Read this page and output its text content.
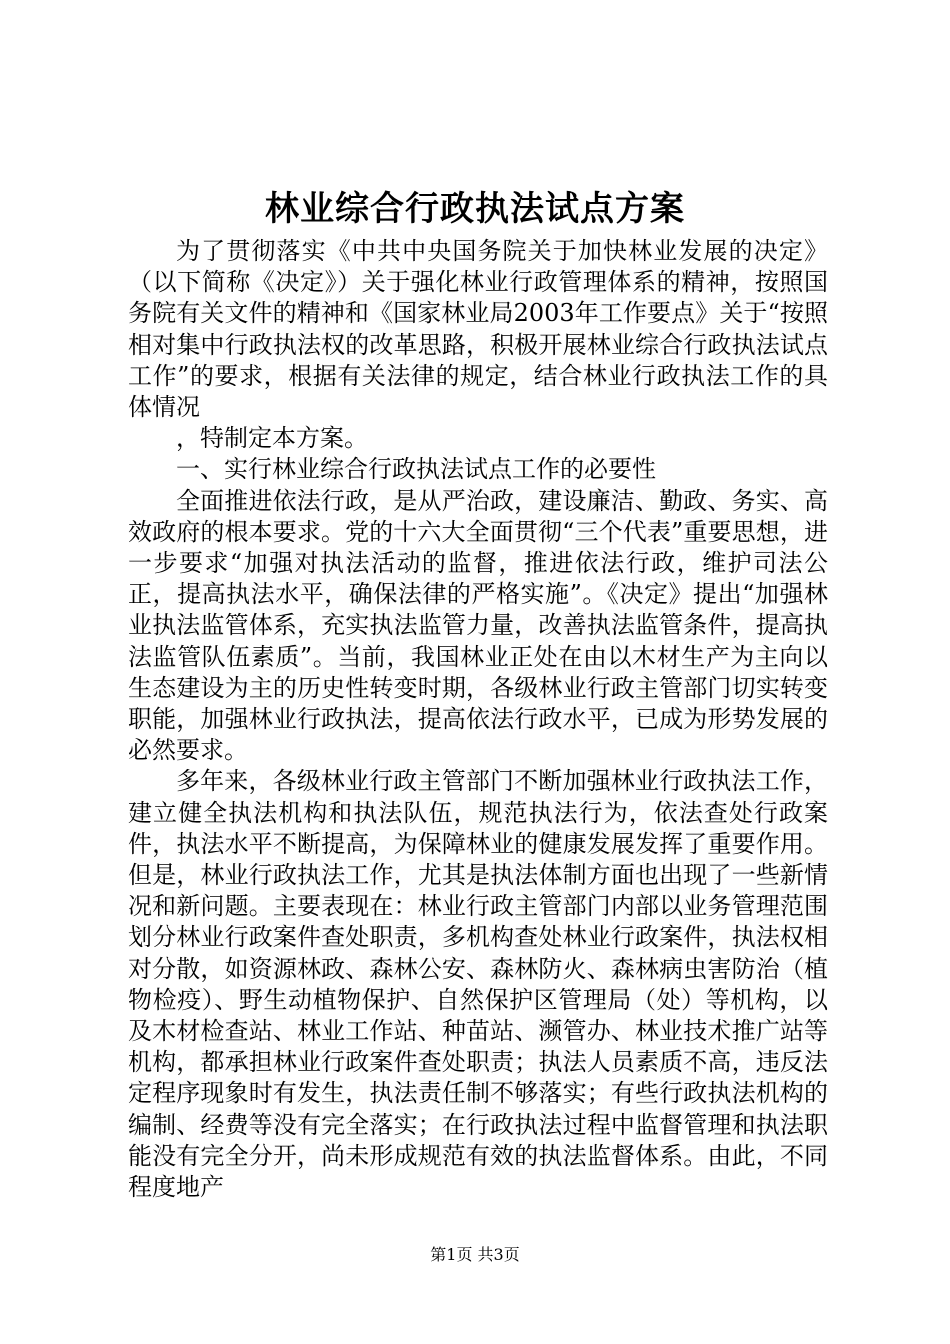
林业综合行政执法试点方案

为了贯彻落实《中共中央国务院关于加快林业发展的决定》（以下简称《决定》）关于强化林业行政管理体系的精神，按照国务院有关文件的精神和《国家林业局2003年工作要点》关于“按照相对集中行政执法权的改革思路，积极开展林业综合行政执法试点工作”的要求，根据有关法律的规定，结合林业行政执法工作的具体情况

，特制定本方案。

一、实行林业综合行政执法试点工作的必要性

全面推进依法行政，是从严治政，建设廉洁、勤政、务实、高效政府的根本要求。党的十六大全面贯彻“三个代表”重要思想，进一步要求“加强对执法活动的监督，推进依法行政，维护司法公正，提高执法水平，确保法律的严格实施”。《决定》提出“加强林业执法监管体系，充实执法监管力量，改善执法监管条件，提高执法监管队伍素质”。当前，我国林业正处在由以木材生产为主向以生态建设为主的历史性转变时期，各级林业行政主管部门切实转变职能，加强林业行政执法，提高依法行政水平，已成为形势发展的必然要求。

多年来，各级林业行政主管部门不断加强林业行政执法工作，建立健全执法机构和执法队伍，规范执法行为，依法查处行政案件，执法水平不断提高，为保障林业的健康发展发挥了重要作用。但是，林业行政执法工作，尤其是执法体制方面也出现了一些新情况和新问题。主要表现在：林业行政主管部门内部以业务管理范围划分林业行政案件查处职责，多机构查处林业行政案件，执法权相对分散，如资源林政、森林公安、森林防火、森林病虫害防治（植物检疫）、野生动植物保护、自然保护区管理局（处）等机构，以及木材检查站、林业工作站、种苗站、濒管办、林业技术推广站等机构，都承担林业行政案件查处职责；执法人员素质不高，违反法定程序现象时有发生，执法责任制不够落实；有些行政执法机构的编制、经费等没有完全落实；在行政执法过程中监督管理和执法职能没有完全分开，尚未形成规范有效的执法监督体系。由此，不同程度地产

第1页 共3页
